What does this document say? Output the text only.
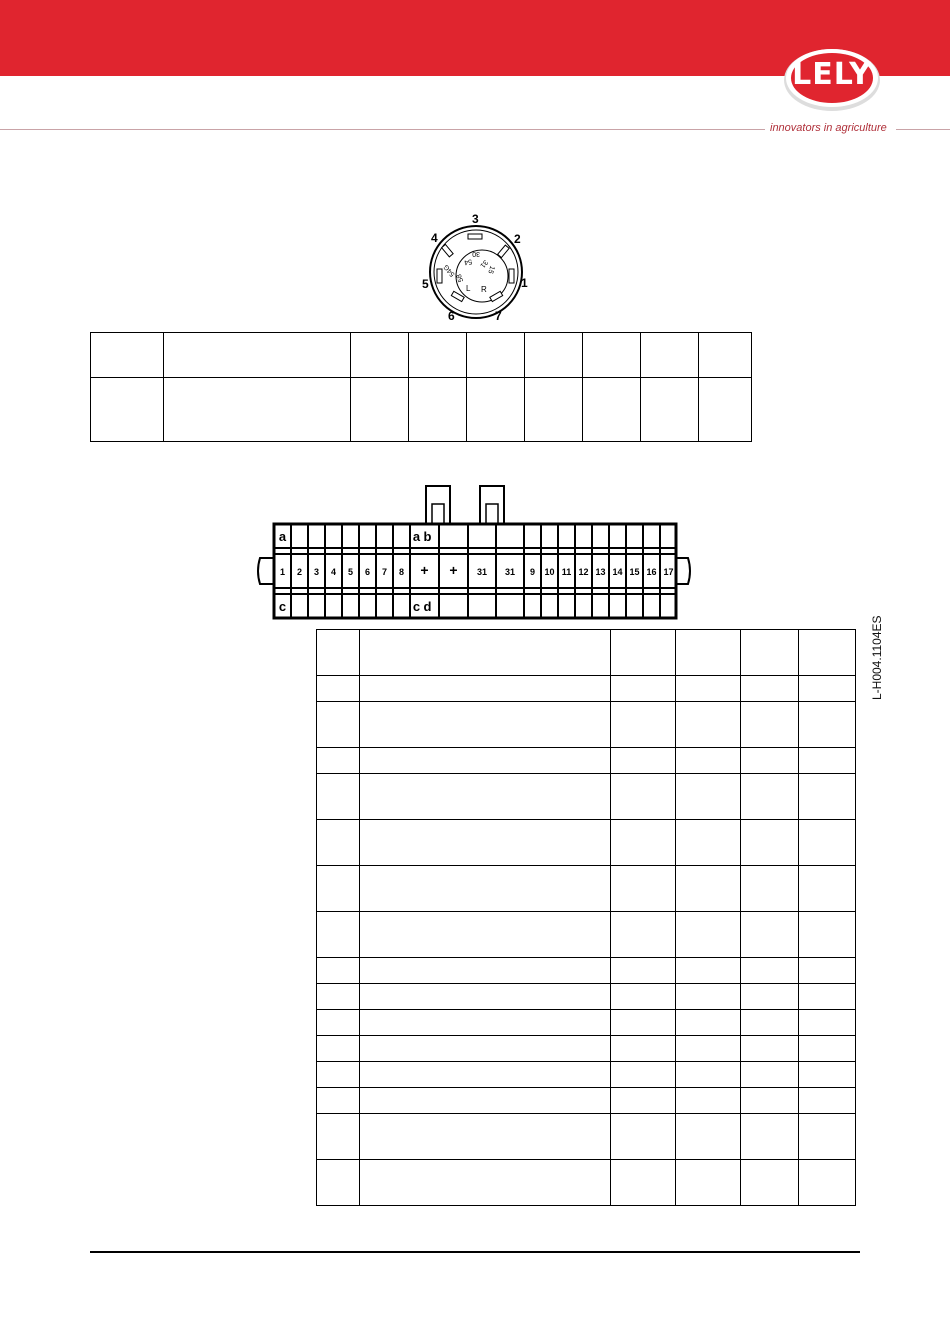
LELY
innovators in agriculture
30
15
31
58
R
L
54
54G
3
2
4
1
5
6	7

1 2 3 4 5 6 7 8 + + 31 31 9 10 11 12 13 14 15 16 17
a	a b
c	c d

L-H004.1104ES
